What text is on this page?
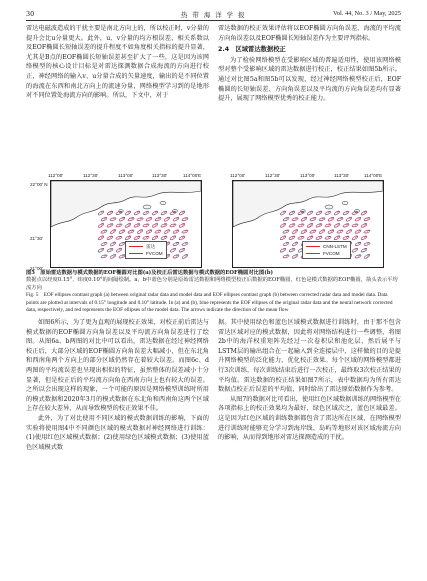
30	热 带 海 洋 学 报	Vol. 44, No. 3 / May, 2025

雷达电磁波造成的干扰主要是南北方向上的，所以校正时，v分量的提升会比u分量更大。此外，u、v分量的均方根误差、相关系数以及EOF椭圆长短轴误差的提升程度不如角度相关指标的提升显著，尤其是B点的EOF椭圆长短轴误差甚至扩大了一些，这是因为该网络模型的核心设计目标是对雷达探测数据合成海流的方向进行校正，神经网络的输入v、u分量合成的矢量速度，输出的是不同位置的海流在东西和南北方向上的流速分量，网络模型学习到的是地形对不同位置处海流方向的影响。所以，下文中，对于

雷达数据的校正效果评估将以EOF椭圆方向角误差、海流的平均流方向角误差以及EOF椭圆长短轴误差作为主要评判指标。

2.4　区域雷达数据校正

为了检验网络模型在受影响区域的普遍适用性，使用该网络模型对整个受影响区域的雷达数据进行校正，校正结果如图5b所示。通过对比图5a和图5b可以发现，经过神经网络模型校正后，EOF椭圆的长短轴误差、方向角误差以及平均流的方向角误差均有显著提升，展现了网络模型优秀的校正能力。

112°00'	112°30'	113°00'	113°30'	114°00'E	112°00'	112°30'	113°00'	113°30'	114°00'E
22°00' N
21°30'
21°00'
雷达
FVCOM
CNN-LSTM
FVCOM
图5　原始雷达数据与模式数据的EOF椭圆对比图(a)及校正后雷达数据与模式数据的EOF椭圆对比图(b)
数据点以经度0.15°、纬度0.10°的间隔绘制。a、b中蓝色分别是原始雷达数据和网络模型校正后数据的EOF椭圆，红色是模式数据的EOF椭圆，箭头表示平均流方向
Fig. 5　EOF ellipses contrast graph (a) between original radar data and model data and EOF ellipses contrast graph (b) between corrected radar data and model data. Data points are plotted at intervals of 0.15° longitude and 0.10° latitude. In (a) and (b), blue represents the EOF ellipses of the original radar data and the neural network corrected data, respectively, and red represents the EOF ellipses of the model data. The arrows indicate the direction of the mean flow

如图6所示，为了更为直观的展现校正效果，对校正前后雷达与模式数据的EOF椭圆方向角误差以及平均流方向角误差进行了绘图。从图6a、b两图的对比中可以看出，雷达数据在经过神经网络校正后，大部分区域的EOF椭圆方向角误差大幅减小，但在东北角和西南角两个方向上的部分区域仍然存在着较大误差。而图6c、d两图的平均流误差也呈现出相似的特征，虽然整体的误差减小十分显著，但是校正后的平均流方向角在西南方向上也有较大的误差。之所以会出现这样的现象，一个可能的原因是网络模型训练时所用的模式数据和2020年3月的模式数据在东北角和西南角这两个区域上存在较大差异，从而导致模型的校正效果不佳。

此外，为了对比使用不同区域的模式数据训练的影响，下面的实验将使用图4中不同颜色区域的模式数据对神经网络进行训练：(1)使用红色区域模式数据；(2)使用绿色区域模式数据；(3)使用蓝色区域模式数

据。其中使用绿色和蓝色区域模式数据进行训练时，由于那不包含雷达区域对应的模式数据，因此将对网络结构进行一些调整，将图2b中的海洋权重矩阵先经过一次卷积层和池化层，然后展平与LSTM层的输出组合在一起输入到全连接层中，这样做的目的是提升网络模型的泛化能力，优化校正效果。每个区域的网络模型都进行3次训练，每次训练结束后进行一次校正，最终取3次校正结果的平均值。雷达数据的校正结果如图7所示，表中数据均为所有雷达数据点校正后误差的平均值，同时给出了雷达原始数据作为参考。

从图7的数据对比可看出，使用红色区域数据训练的网络模型在各项指标上的校正效果均为最好，绿色区域次之，蓝色区域最差。这是因为红色区域的训练数据都包含了雷达所在区域，在网络模型进行训练时能够充分学习到海岸线、岛屿等地形对该区域海流方向的影响，从而得到地形对雷达探测造成的干扰。
